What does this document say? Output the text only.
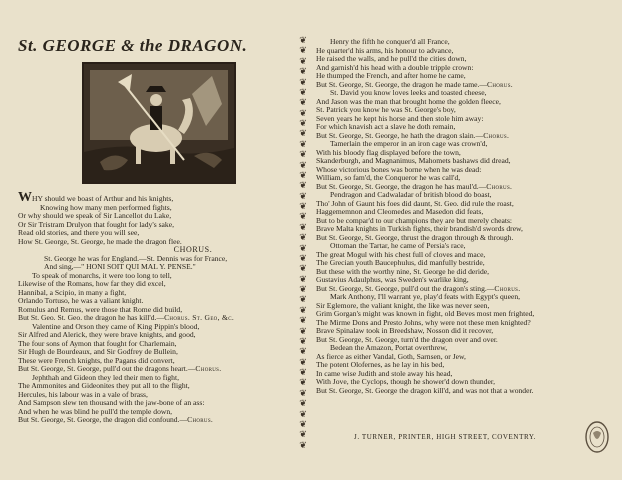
St. GEORGE & the DRAGON.
WHY should we boast of Arthur and his knights,
Knowing how many men performed fights,
Or why should we speak of Sir Lancellot du Lake,
Or Sir Tristram Drulyon that fought for lady's sake,
Read old stories, and there you will see,
How St. George, St. George, he made the dragon flee.
CHORUS.
St. George he was for England.—St. Dennis was for France,
And sing,—" HONI SOIT QUI MAL Y. PENSE."
To speak of monarchs, it were too long to tell,
Likewise of the Romans, how far they did excel,
Hannibal, a Scipio, in many a fight,
Orlando Tortuso, he was a valiant knight.
Romulus and Remus, were those that Rome did build,
But St. Geo. St. Geo. the dragon he has kill'd.—Chorus. St. Geo, &c.
Valentine and Orson they came of King Pippin's blood,
Sir Alfred and Alerick, they were brave knights, and good,
The four sons of Aymon that fought for Charlemain,
Sir Hugh de Bourdeaux, and Sir Godfrey de Bullein,
These were French knights, the Pagans did convert,
But St. George, St. George, pull'd out the dragons heart.—Chorus.
Jephthah and Gideon they led their men to fight,
The Ammonites and Gideonites they put all to the flight,
Hercules, his labour was in a vale of brass,
And Sampson slew ten thousand with the jaw-bone of an ass:
And when he was blind he pull'd the temple down,
But St. George, St. George, the dragon did confound.—Chorus.
❦
❦
❦
❦
❦
❦
❦
❦
❦
❦
❦
❦
❦
❦
❦
❦
❦
❦
❦
❦
❦
❦
❦
❦
❦
❦
❦
❦
❦
❦
❦
❦
❦
❦
❦
❦
❦
❦
❦
❦
Henry the fifth he conquer'd all France,
He quarter'd his arms, his honour to advance,
He raised the walls, and he pull'd the cities down,
And garnish'd his head with a double tripple crown:
He thumped the French, and after home he came,
But St. George, St. George, the dragon he made tame.—Chorus.
St. David you know loves leeks and toasted cheese,
And Jason was the man that brought home the golden fleece,
St. Patrick you know he was St. George's boy,
Seven years he kept his horse and then stole him away:
For which knavish act a slave he doth remain,
But St. George, St. George, he hath the dragon slain.—Chorus.
Tamerlain the emperor in an iron cage was crown'd,
With his bloody flag displayed before the town,
Skanderburgh, and Magnanimus, Mahomets bashaws did dread,
Whose victorious bones was borne when he was dead:
William, so fam'd, the Conqueror he was call'd,
But St. George, St. George, the dragon he has maul'd.—Chorus.
Pendragon and Cadwaladar of british blood do boast,
Tho' John of Gaunt his foes did daunt, St. Geo. did rule the roast,
Haggememnon and Cleomedes and Masedon did feats,
But to be compar'd to our champions they are but merely cheats:
Brave Malta knights in Turkish fights, their brandish'd swords drew,
But St. George, St. George, thrust the dragon through & through.
Ottoman the Tartar, he came of Persia's race,
The great Mogul with his chest full of cloves and mace,
The Grecian youth Baucephulus, did manfully bestride,
But these with the worthy nine, St. George he did deride,
Gustavius Adaulphus, was Sweden's warlike king,
But St. George, St. George, pull'd out the dragon's sting.—Chorus.
Mark Anthony, I'll warrant ye, play'd feats with Egypt's queen,
Sir Eglemore, the valiant knight, the like was never seen,
Grim Gorgan's might was known in fight, old Beves most men frighted,
The Mirme Dons and Presto Johns, why were not these men knighted?
Brave Spinalaw took in Breedshaw, Nosson did it recover,
But St. George, St. George, turn'd the dragon over and over.
Bedean the Amazon, Portat overthrew,
As fierce as either Vandal, Goth, Sarnsen, or Jew,
The potent Olofernes, as he lay in his bed,
In came wise Judith and stole away his head,
With Jove, the Cyclops, though he shower'd down thunder,
But St. George, St. George the dragon kill'd, and was not that a wonder.
J. TURNER, PRINTER, HIGH STREET, COVENTRY.
